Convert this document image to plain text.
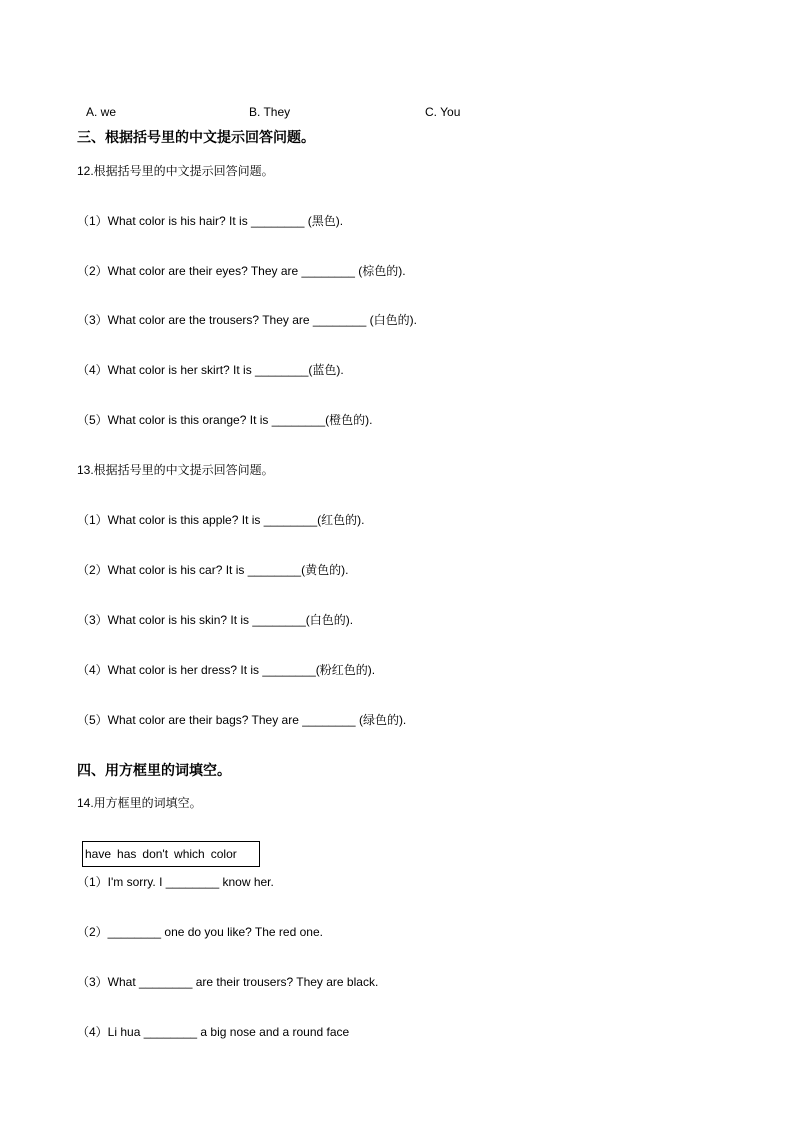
A. we	B. They	C. You
三、根据括号里的中文提示回答问题。
12.根据括号里的中文提示回答问题。
（1）What color is his hair? It is ________ (黑色).
（2）What color are their eyes? They are ________ (棕色的).
（3）What color are the trousers? They are ________ (白色的).
（4）What color is her skirt? It is ________(蓝色).
（5）What color is this orange? It is ________(橙色的).
13.根据括号里的中文提示回答问题。
（1）What color is this apple? It is ________(红色的).
（2）What color is his car? It is ________(黄色的).
（3）What color is his skin? It is ________(白色的).
（4）What color is her dress? It is ________(粉红色的).
（5）What color are their bags? They are ________ (绿色的).
四、用方框里的词填空。
14.用方框里的词填空。
have has don't which color
（1）I'm sorry. I ________ know her.
（2）________ one do you like? The red one.
（3）What ________ are their trousers? They are black.
（4）Li hua ________ a big nose and a round face
